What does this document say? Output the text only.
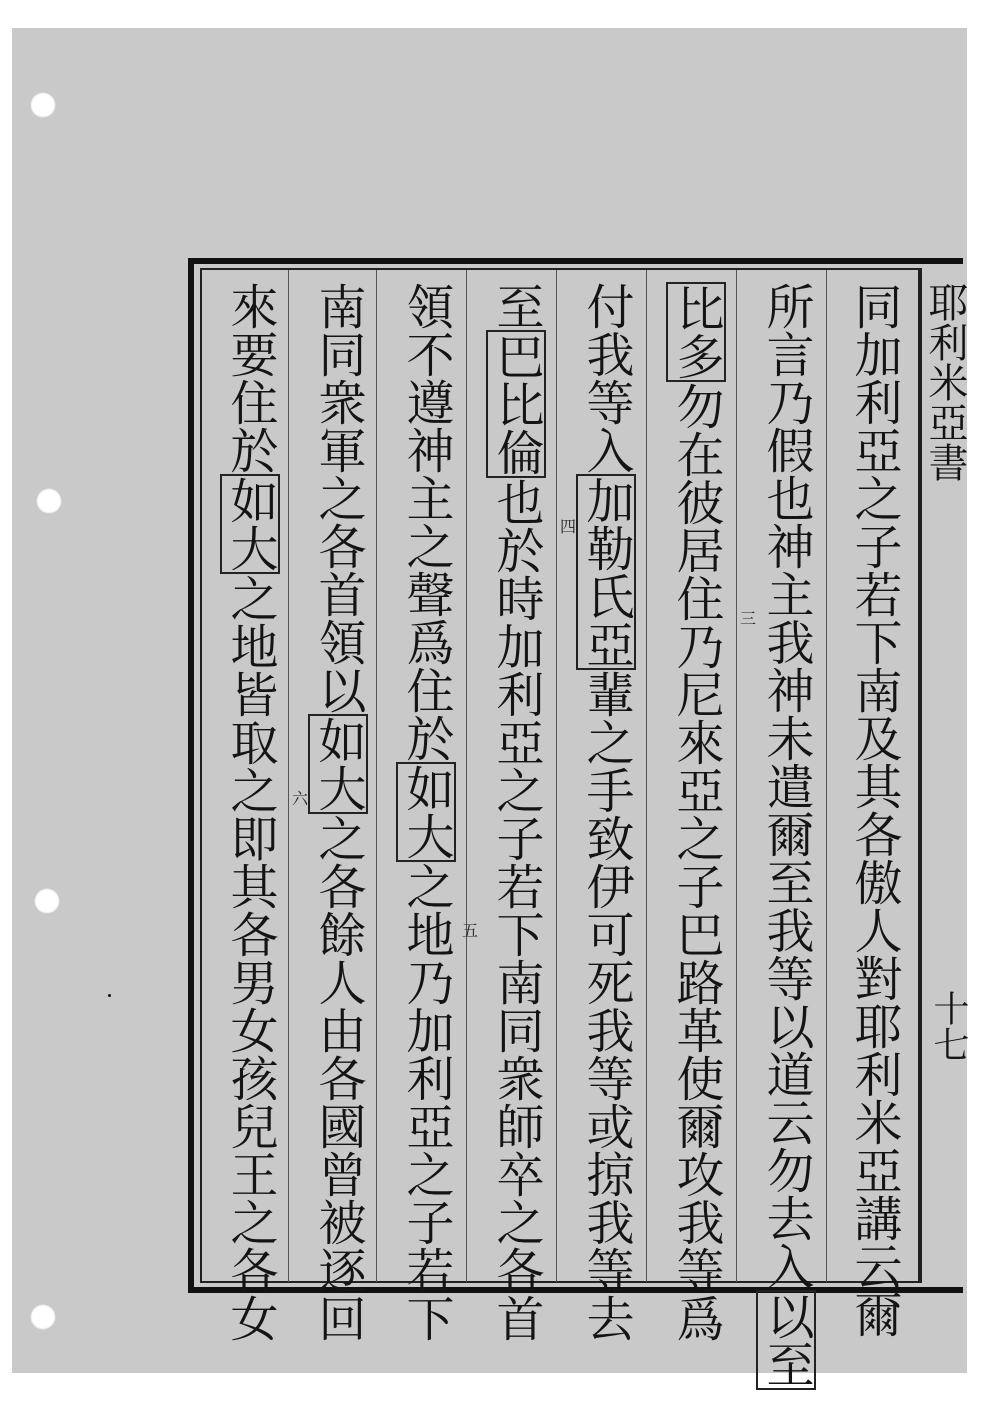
耶利米亞書
十七
同加利亞之子若下南及其各傲人對耶利米亞講云爾
所言乃假也神主我神未遣爾至我等以道云勿去入以至
比多勿在彼居住乃尼來亞之子巴路革使爾攻我等爲
付我等入加勒氏亞輩之手致伊可死我等或掠我等去
至巴比倫也於時加利亞之子若下南同衆師卒之各首
領不遵神主之聲爲住於如大之地乃加利亞之子若下
南同衆軍之各首領以如大之各餘人由各國曾被逐回
來要住於如大之地皆取之即其各男女孩兒王之各女	三
四
五
六
